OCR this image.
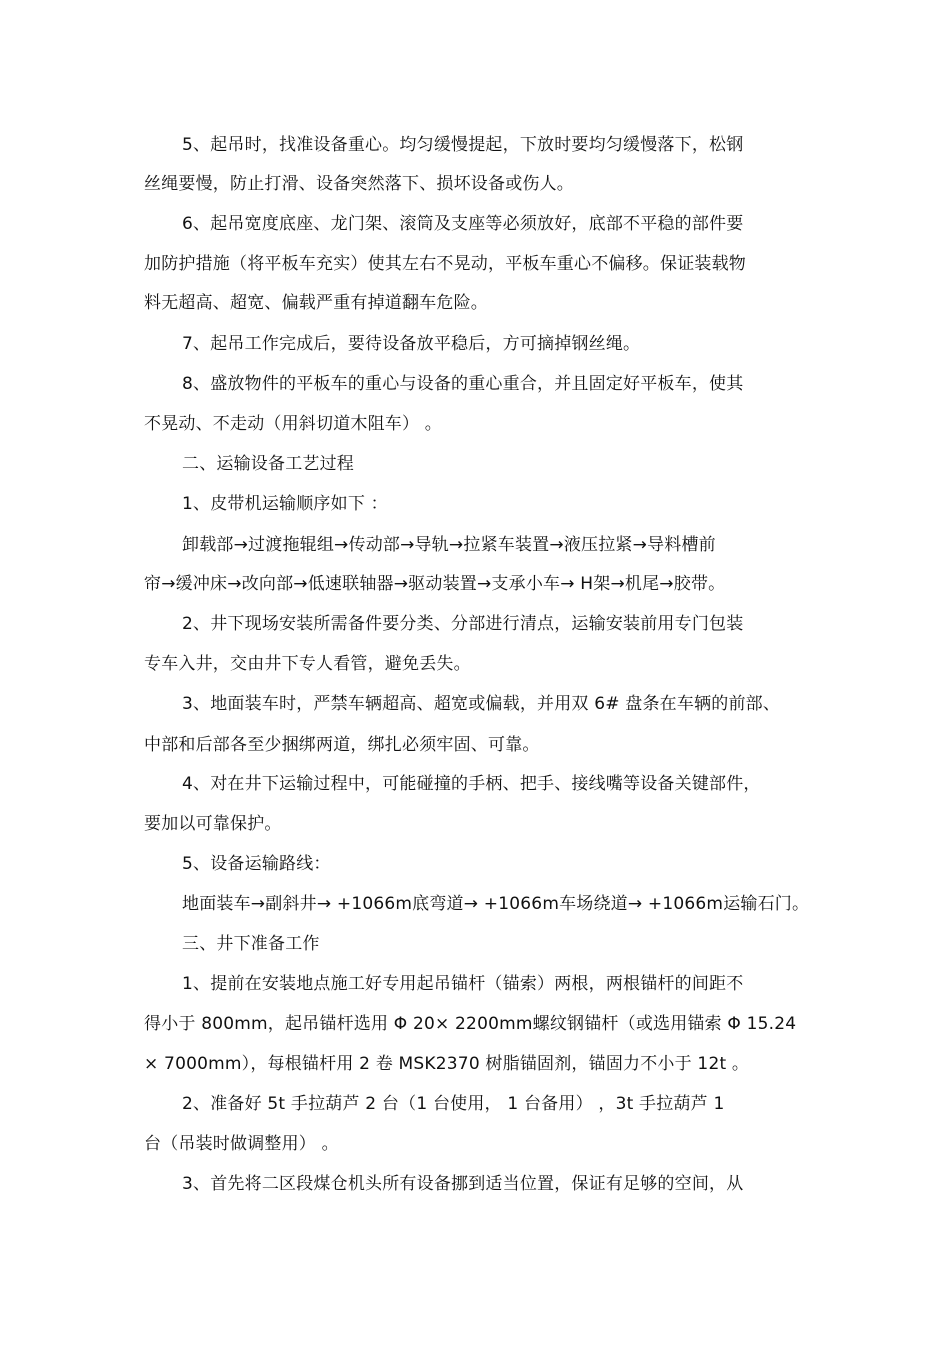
5、起吊时，找准设备重心。均匀缓慢提起，下放时要均匀缓慢落下，松钢
丝绳要慢，防止打滑、设备突然落下、损坏设备或伤人。
6、起吊宽度底座、龙门架、滚筒及支座等必须放好，底部不平稳的部件要
加防护措施（将平板车充实）使其左右不晃动，平板车重心不偏移。保证装载物
料无超高、超宽、偏载严重有掉道翻车危险。
7、起吊工作完成后，要待设备放平稳后，方可摘掉钢丝绳。
8、盛放物件的平板车的重心与设备的重心重合，并且固定好平板车，使其
不晃动、不走动（用斜切道木阻车） 。
二、运输设备工艺过程
1、皮带机运输顺序如下 ：
卸载部→过渡拖辊组→传动部→导轨→拉紧车装置→液压拉紧→导料槽前
帘→缓冲床→改向部→低速联轴器→驱动装置→支承小车→ H架→机尾→胶带。
2、井下现场安装所需备件要分类、分部进行清点，运输安装前用专门包装
专车入井，交由井下专人看管，避免丢失。
3、地面装车时，严禁车辆超高、超宽或偏载，并用双 6# 盘条在车辆的前部、
中部和后部各至少捆绑两道，绑扎必须牢固、可靠。
4、对在井下运输过程中，可能碰撞的手柄、把手、接线嘴等设备关键部件，
要加以可靠保护。
5、设备运输路线：
地面装车→副斜井→ +1066m底弯道→ +1066m车场绕道→ +1066m运输石门。
三、井下准备工作
1、提前在安装地点施工好专用起吊锚杆（锚索）两根，两根锚杆的间距不
得小于 800mm，起吊锚杆选用 Φ 20× 2200mm螺纹钢锚杆（或选用锚索 Φ 15.24
× 7000mm），每根锚杆用 2 卷 MSK2370 树脂锚固剂，锚固力不小于 12t 。
2、准备好 5t 手拉葫芦 2 台（1 台使用， 1 台备用） ，3t 手拉葫芦 1
台（吊装时做调整用） 。
3、首先将二区段煤仓机头所有设备挪到适当位置，保证有足够的空间，从
